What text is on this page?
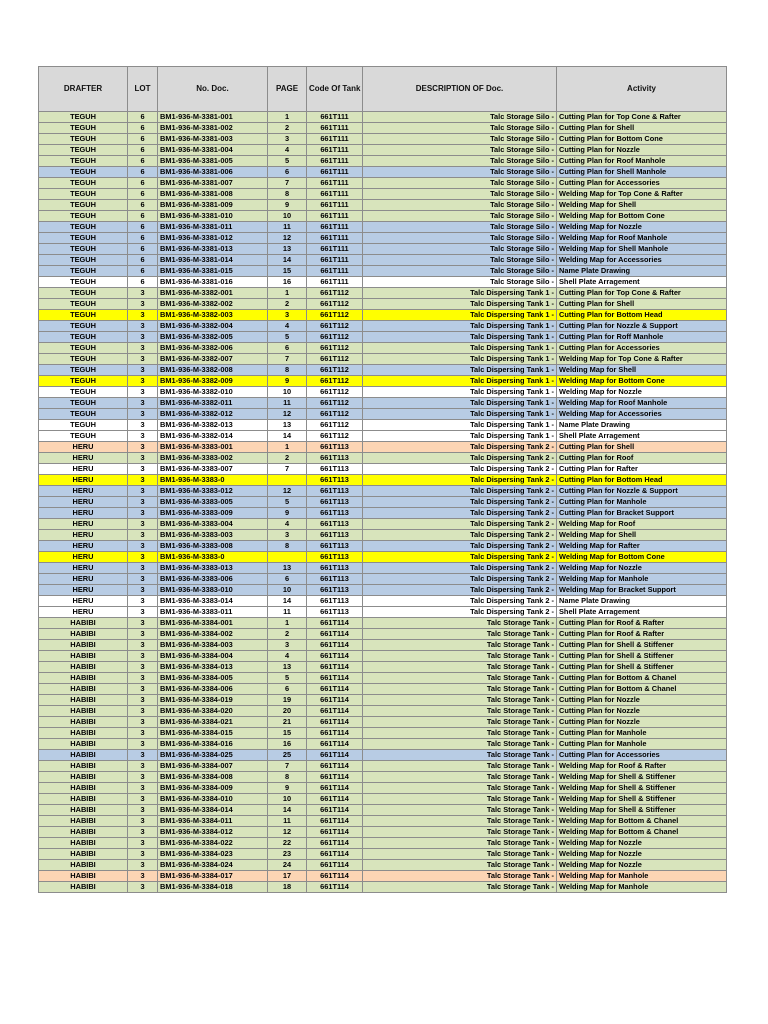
DRAFTER	LOT	No. Doc.	PAGE	Code Of Tank	DESCRIPTION OF Doc.	Activity
TEGUH	6	BM1-936-M-3381-001	1	661T111	Talc Storage Silo -	Cutting Plan for Top Cone & Rafter
TEGUH	6	BM1-936-M-3381-002	2	661T111	Talc Storage Silo -	Cutting Plan for Shell
TEGUH	6	BM1-936-M-3381-003	3	661T111	Talc Storage Silo -	Cutting Plan for Bottom Cone
TEGUH	6	BM1-936-M-3381-004	4	661T111	Talc Storage Silo -	Cutting Plan for Nozzle
TEGUH	6	BM1-936-M-3381-005	5	661T111	Talc Storage Silo -	Cutting Plan for Roof Manhole
TEGUH	6	BM1-936-M-3381-006	6	661T111	Talc Storage Silo -	Cutting Plan for Shell Manhole
TEGUH	6	BM1-936-M-3381-007	7	661T111	Talc Storage Silo -	Cutting Plan for Accessories
TEGUH	6	BM1-936-M-3381-008	8	661T111	Talc Storage Silo -	Welding Map for Top Cone & Rafter
TEGUH	6	BM1-936-M-3381-009	9	661T111	Talc Storage Silo -	Welding Map for Shell
TEGUH	6	BM1-936-M-3381-010	10	661T111	Talc Storage Silo -	Welding Map for Bottom Cone
TEGUH	6	BM1-936-M-3381-011	11	661T111	Talc Storage Silo -	Welding Map for Nozzle
TEGUH	6	BM1-936-M-3381-012	12	661T111	Talc Storage Silo -	Welding Map for Roof Manhole
TEGUH	6	BM1-936-M-3381-013	13	661T111	Talc Storage Silo -	Welding Map for Shell Manhole
TEGUH	6	BM1-936-M-3381-014	14	661T111	Talc Storage Silo -	Welding Map for Accessories
TEGUH	6	BM1-936-M-3381-015	15	661T111	Talc Storage Silo -	Name Plate Drawing
TEGUH	6	BM1-936-M-3381-016	16	661T111	Talc Storage Silo -	Shell Plate Arragement
TEGUH	3	BM1-936-M-3382-001	1	661T112	Talc Dispersing Tank 1 -	Cutting Plan for Top Cone & Rafter
TEGUH	3	BM1-936-M-3382-002	2	661T112	Talc Dispersing Tank 1 -	Cutting Plan for Shell
TEGUH	3	BM1-936-M-3382-003	3	661T112	Talc Dispersing Tank 1 -	Cutting Plan for Bottom Head
TEGUH	3	BM1-936-M-3382-004	4	661T112	Talc Dispersing Tank 1 -	Cutting Plan for Nozzle & Support
TEGUH	3	BM1-936-M-3382-005	5	661T112	Talc Dispersing Tank 1 -	Cutting Plan for Roff Manhole
TEGUH	3	BM1-936-M-3382-006	6	661T112	Talc Dispersing Tank 1 -	Cutting Plan for Accessories
TEGUH	3	BM1-936-M-3382-007	7	661T112	Talc Dispersing Tank 1 -	Welding Map for Top Cone & Rafter
TEGUH	3	BM1-936-M-3382-008	8	661T112	Talc Dispersing Tank 1 -	Welding Map for Shell
TEGUH	3	BM1-936-M-3382-009	9	661T112	Talc Dispersing Tank 1 -	Welding Map for Bottom Cone
TEGUH	3	BM1-936-M-3382-010	10	661T112	Talc Dispersing Tank 1 -	Welding Map for Nozzle
TEGUH	3	BM1-936-M-3382-011	11	661T112	Talc Dispersing Tank 1 -	Welding Map for Roof Manhole
TEGUH	3	BM1-936-M-3382-012	12	661T112	Talc Dispersing Tank 1 -	Welding Map for Accessories
TEGUH	3	BM1-936-M-3382-013	13	661T112	Talc Dispersing Tank 1 -	Name Plate Drawing
TEGUH	3	BM1-936-M-3382-014	14	661T112	Talc Dispersing Tank 1 -	Shell Plate Arragement
HERU	3	BM1-936-M-3383-001	1	661T113	Talc Dispersing Tank 2 -	Cutting Plan for Shell
HERU	3	BM1-936-M-3383-002	2	661T113	Talc Dispersing Tank 2 -	Cutting Plan for Roof
HERU	3	BM1-936-M-3383-007	7	661T113	Talc Dispersing Tank 2 -	Cutting Plan for Rafter
HERU	3	BM1-936-M-3383-0		661T113	Talc Dispersing Tank 2 -	Cutting Plan for Bottom Head
HERU	3	BM1-936-M-3383-012	12	661T113	Talc Dispersing Tank 2 -	Cutting Plan for Nozzle & Support
HERU	3	BM1-936-M-3383-005	5	661T113	Talc Dispersing Tank 2 -	Cutting Plan for Manhole
HERU	3	BM1-936-M-3383-009	9	661T113	Talc Dispersing Tank 2 -	Cutting Plan for Bracket Support
HERU	3	BM1-936-M-3383-004	4	661T113	Talc Dispersing Tank 2 -	Welding Map for Roof
HERU	3	BM1-936-M-3383-003	3	661T113	Talc Dispersing Tank 2 -	Welding Map for Shell
HERU	3	BM1-936-M-3383-008	8	661T113	Talc Dispersing Tank 2 -	Welding Map for Rafter
HERU	3	BM1-936-M-3383-0		661T113	Talc Dispersing Tank 2 -	Welding Map for Bottom Cone
HERU	3	BM1-936-M-3383-013	13	661T113	Talc Dispersing Tank 2 -	Welding Map for Nozzle
HERU	3	BM1-936-M-3383-006	6	661T113	Talc Dispersing Tank 2 -	Welding Map for Manhole
HERU	3	BM1-936-M-3383-010	10	661T113	Talc Dispersing Tank 2 -	Welding Map for Bracket Support
HERU	3	BM1-936-M-3383-014	14	661T113	Talc Dispersing Tank 2 -	Name Plate Drawing
HERU	3	BM1-936-M-3383-011	11	661T113	Talc Dispersing Tank 2 -	Shell Plate Arragement
HABIBI	3	BM1-936-M-3384-001	1	661T114	Talc Storage Tank -	Cutting Plan for Roof & Rafter
HABIBI	3	BM1-936-M-3384-002	2	661T114	Talc Storage Tank -	Cutting Plan for Roof & Rafter
HABIBI	3	BM1-936-M-3384-003	3	661T114	Talc Storage Tank -	Cutting Plan for Shell & Stiffener
HABIBI	3	BM1-936-M-3384-004	4	661T114	Talc Storage Tank -	Cutting Plan for Shell & Stiffener
HABIBI	3	BM1-936-M-3384-013	13	661T114	Talc Storage Tank -	Cutting Plan for Shell & Stiffener
HABIBI	3	BM1-936-M-3384-005	5	661T114	Talc Storage Tank -	Cutting Plan for Bottom & Chanel
HABIBI	3	BM1-936-M-3384-006	6	661T114	Talc Storage Tank -	Cutting Plan for Bottom & Chanel
HABIBI	3	BM1-936-M-3384-019	19	661T114	Talc Storage Tank -	Cutting Plan for Nozzle
HABIBI	3	BM1-936-M-3384-020	20	661T114	Talc Storage Tank -	Cutting Plan for Nozzle
HABIBI	3	BM1-936-M-3384-021	21	661T114	Talc Storage Tank -	Cutting Plan for Nozzle
HABIBI	3	BM1-936-M-3384-015	15	661T114	Talc Storage Tank -	Cutting Plan for Manhole
HABIBI	3	BM1-936-M-3384-016	16	661T114	Talc Storage Tank -	Cutting Plan for Manhole
HABIBI	3	BM1-936-M-3384-025	25	661T114	Talc Storage Tank -	Cutting Plan for Accessories
HABIBI	3	BM1-936-M-3384-007	7	661T114	Talc Storage Tank -	Welding Map for Roof & Rafter
HABIBI	3	BM1-936-M-3384-008	8	661T114	Talc Storage Tank -	Welding Map for Shell & Stiffener
HABIBI	3	BM1-936-M-3384-009	9	661T114	Talc Storage Tank -	Welding Map for Shell & Stiffener
HABIBI	3	BM1-936-M-3384-010	10	661T114	Talc Storage Tank -	Welding Map for Shell & Stiffener
HABIBI	3	BM1-936-M-3384-014	14	661T114	Talc Storage Tank -	Welding Map for Shell & Stiffener
HABIBI	3	BM1-936-M-3384-011	11	661T114	Talc Storage Tank -	Welding Map for Bottom & Chanel
HABIBI	3	BM1-936-M-3384-012	12	661T114	Talc Storage Tank -	Welding Map for Bottom & Chanel
HABIBI	3	BM1-936-M-3384-022	22	661T114	Talc Storage Tank -	Welding Map for Nozzle
HABIBI	3	BM1-936-M-3384-023	23	661T114	Talc Storage Tank -	Welding Map for Nozzle
HABIBI	3	BM1-936-M-3384-024	24	661T114	Talc Storage Tank -	Welding Map for Nozzle
HABIBI	3	BM1-936-M-3384-017	17	661T114	Talc Storage Tank -	Welding Map for Manhole
HABIBI	3	BM1-936-M-3384-018	18	661T114	Talc Storage Tank -	Welding Map for Manhole
